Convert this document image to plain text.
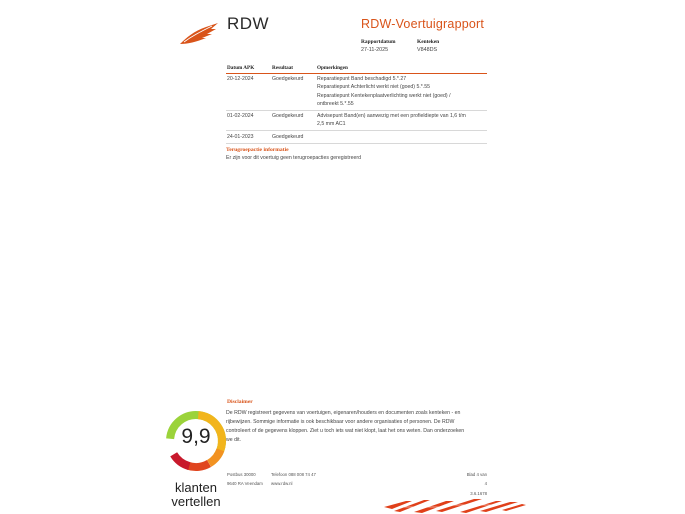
RDW	RDW-Voertuigrapport
Rapportdatum
27-11-2025
Kenteken
V848DS
Datum APK	Resultaat	Opmerkingen
20-12-2024	Goedgekeurd	Reparatiepunt Band beschadigd 5.*.27
Reparatiepunt Achterlicht werkt niet (goed) 5.*.55
Reparatiepunt Kentekenplaatverlichting werkt niet (goed) /
ontbreekt 5.*.55

01-02-2024	Goedgekeurd	Advisepunt Band(en) aanwezig met een profieldiepte van 1,6 t/m
2,5 mm AC1

24-01-2023	Goedgekeurd	
Terugroepactie informatie
Er zijn voor dit voertuig geen terugroepacties geregistreerd
Disclaimer
De RDW registreert gegevens van voertuigen, eigenaren/houders en documenten zoals kenteken - en
rijbewijzen. Sommige informatie is ook beschikbaar voor andere organisaties of personen. De RDW
controleert of de gegevens kloppen. Ziet u toch iets wat niet klopt, laat het ons weten. Dan onderzoeken
we dit.
Postbus 30000
9640 RA Veendam
Telefoon 088 008 74 47
www.rdw.nl
Blad 4 van 4
3.6.1678
9,9
klanten
vertellen
